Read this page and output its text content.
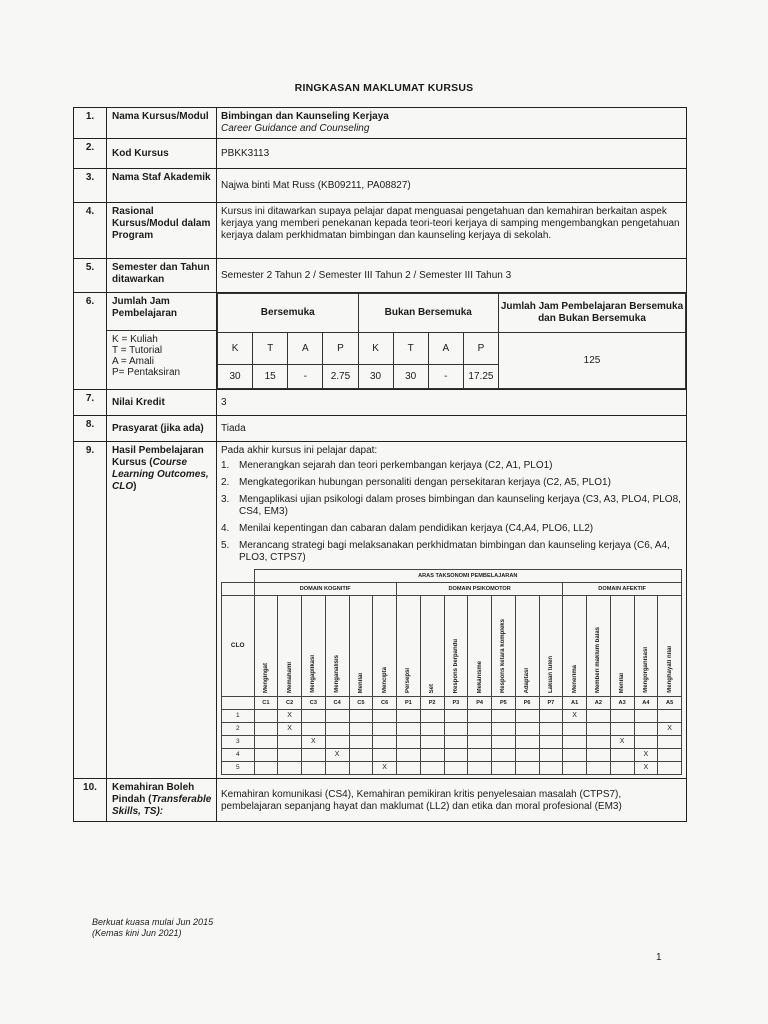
RINGKASAN MAKLUMAT KURSUS
1.	Nama Kursus/Modul	Bimbingan dan Kaunseling Kerjaya
Career Guidance and Counseling

2.	Kod Kursus	PBKK3113
3.	Nama Staf Akademik	Najwa binti Mat Russ (KB09211, PA08827)
4.	Rasional Kursus/Modul dalam Program	Kursus ini ditawarkan supaya pelajar dapat menguasai pengetahuan dan kemahiran berkaitan aspek kerjaya yang memberi penekanan kepada teori-teori kerjaya di samping mengembangkan pengetahuan kerjaya dalam perkhidmatan bimbingan dan kaunseling kerjaya di sekolah.
5.	Semester dan Tahun ditawarkan	Semester 2 Tahun 2 / Semester III Tahun 2 / Semester III Tahun 3
6.	Jumlah Jam Pembelajaran
K = Kuliah
T = Tutorial
A = Amali
P= Pentaksiran

Bersemuka	Bukan Bersemuka	Jumlah Jam Pembelajaran Bersemuka dan Bukan Bersemuka
K	T	A	P	K	T	A	P	125
30	15	-	2.75	30	30	-	17.25

7.	Nilai Kredit	3
8.	Prasyarat (jika ada)	Tiada
9.	Hasil Pembelajaran Kursus (Course Learning Outcomes, CLO)	
Pada akhir kursus ini pelajar dapat:
1. Menerangkan sejarah dan teori perkembangan kerjaya (C2, A1, PLO1)
2. Mengkategorikan hubungan personaliti dengan persekitaran kerjaya (C2, A5, PLO1)
3. Mengaplikasi ujian psikologi dalam proses bimbingan dan kaunseling kerjaya (C3, A3, PLO4, PLO8, CS4, EM3)
4. Menilai kepentingan dan cabaran dalam pendidikan kerjaya (C4,A4, PLO6, LL2)
5. Merancang strategi bagi melaksanakan perkhidmatan bimbingan dan kaunseling kerjaya (C6, A4, PLO3, CTPS7)
	ARAS TAKSONOMI PEMBELAJARAN
	DOMAIN KOGNITIF	DOMAIN PSIKOMOTOR	DOMAIN AFEKTIF
CLO	
Mengingat	Memahami	Mengaplikasi	Menganalisis	Menilai	Mencipta	Persepsi	Set	Respons berpandu	Mekanisme	Respons ketara kompleks	Adaptasi	Lakuan tulen	Menerima	Memberi maklum balas	Menilai	Mengorganisasi	Menghayati nilai

	C1	C2	C3	C4	C5	C6	P1	P2	P3	P4	P5	P6	P7	A1	A2	A3	A4	A5
1		X												X				
2		X																X
3			X													X		
4				X													X	
5						X											X	

10.	Kemahiran Boleh Pindah (Transferable Skills, TS):	Kemahiran komunikasi (CS4), Kemahiran pemikiran kritis penyelesaian masalah (CTPS7), pembelajaran sepanjang hayat dan maklumat (LL2) dan etika dan moral profesional (EM3)
Berkuat kuasa mulai Jun 2015
(Kemas kini Jun 2021)
1
